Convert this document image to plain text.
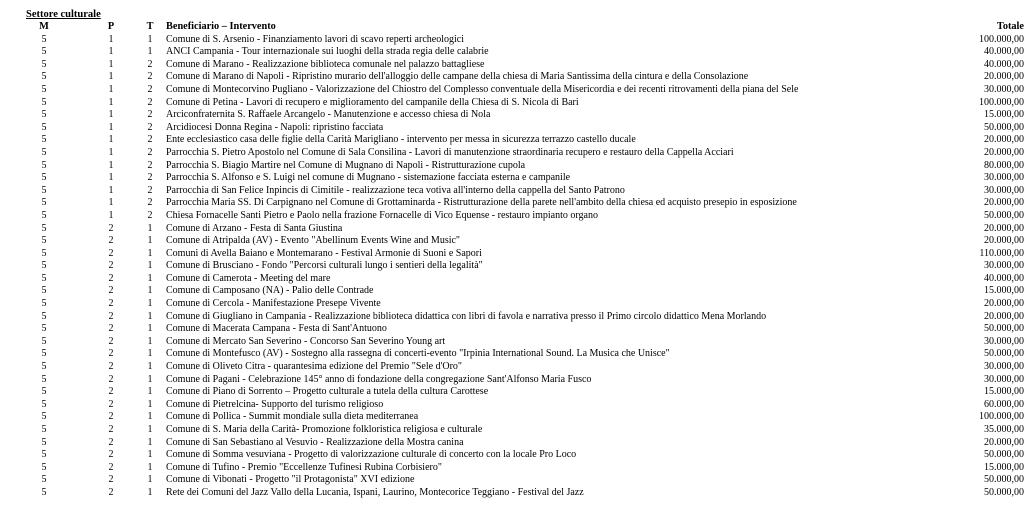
Settore culturale
M	P	T	Beneficiario – Intervento	Totale
5	1	1	Comune di S. Arsenio - Finanziamento lavori di scavo reperti archeologici	100.000,00
5	1	1	ANCI Campania - Tour internazionale sui luoghi della strada regia delle calabrie	40.000,00
5	1	2	Comune di Marano - Realizzazione biblioteca comunale nel palazzo battagliese	40.000,00
5	1	2	Comune di Marano di Napoli - Ripristino murario dell'alloggio delle campane della chiesa di Maria Santissima della cintura e della Consolazione	20.000,00
5	1	2	Comune di Montecorvino Pugliano - Valorizzazione del Chiostro del Complesso conventuale della Misericordia e dei recenti ritrovamenti della piana del Sele	30.000,00
5	1	2	Comune di Petina - Lavori di recupero e miglioramento del campanile della Chiesa di S. Nicola di Bari	100.000,00
5	1	2	Arciconfraternita S. Raffaele Arcangelo - Manutenzione e accesso chiesa di Nola	15.000,00
5	1	2	Arcidiocesi Donna Regina - Napoli: ripristino facciata	50.000,00
5	1	2	Ente ecclesiastico casa delle figlie della Carità Marigliano - intervento per messa in sicurezza terrazzo castello ducale	20.000,00
5	1	2	Parrocchia S. Pietro Apostolo nel Comune di Sala Consilina - Lavori di manutenzione straordinaria recupero e restauro della Cappella Acciari	20.000,00
5	1	2	Parrocchia S. Biagio Martire nel Comune di Mugnano di Napoli - Ristrutturazione cupola	80.000,00
5	1	2	Parrocchia S. Alfonso e S. Luigi nel comune di Mugnano - sistemazione facciata esterna e campanile	30.000,00
5	1	2	Parrocchia di San Felice Inpincis di Cimitile - realizzazione teca votiva all'interno della cappella del Santo Patrono	30.000,00
5	1	2	Parrocchia Maria SS. Di Carpignano nel Comune di Grottaminarda - Ristrutturazione della parete nell'ambito della chiesa ed acquisto presepio in esposizione	20.000,00
5	1	2	Chiesa Fornacelle Santi Pietro e Paolo nella frazione Fornacelle di Vico Equense - restauro impianto organo	50.000,00
5	2	1	Comune di Arzano - Festa di Santa Giustina	20.000,00
5	2	1	Comune di Atripalda (AV) - Evento "Abellinum Events Wine and Music"	20.000,00
5	2	1	Comuni di Avella Baiano e Montemarano - Festival Armonie di Suoni e Sapori	110.000,00
5	2	1	Comune di Brusciano - Fondo "Percorsi culturali lungo i sentieri della legalità"	30.000,00
5	2	1	Comune di Camerota - Meeting del mare	40.000,00
5	2	1	Comune di Camposano (NA) - Palio delle Contrade	15.000,00
5	2	1	Comune di Cercola - Manifestazione Presepe Vivente	20.000,00
5	2	1	Comune di Giugliano in Campania - Realizzazione biblioteca didattica con libri di favola e narrativa presso il Primo circolo didattico Mena Morlando	20.000,00
5	2	1	Comune di Macerata Campana - Festa di Sant'Antuono	50.000,00
5	2	1	Comune di Mercato San Severino - Concorso San Severino Young art	30.000,00
5	2	1	Comune di Montefusco (AV) - Sostegno alla rassegna di concerti-evento "Irpinia International Sound. La Musica che Unisce"	50.000,00
5	2	1	Comune di Oliveto Citra - quarantesima edizione del Premio "Sele d'Oro"	30.000,00
5	2	1	Comune di Pagani - Celebrazione 145° anno di fondazione della congregazione Sant'Alfonso Maria Fusco	30.000,00
5	2	1	Comune di Piano di Sorrento – Progetto culturale a tutela della cultura Carottese	15.000,00
5	2	1	Comune di Pietrelcina- Supporto del turismo religioso	60.000,00
5	2	1	Comune di Pollica - Summit mondiale sulla dieta mediterranea	100.000,00
5	2	1	Comune di S. Maria della Carità- Promozione folkloristica religiosa e culturale	35.000,00
5	2	1	Comune di San Sebastiano al Vesuvio - Realizzazione della Mostra canina	20.000,00
5	2	1	Comune di Somma vesuviana - Progetto di valorizzazione culturale di concerto con la locale Pro Loco	50.000,00
5	2	1	Comune di Tufino - Premio "Eccellenze Tufinesi Rubina Corbisiero"	15.000,00
5	2	1	Comune di Vibonati - Progetto "il Protagonista" XVI edizione	50.000,00
5	2	1	Rete dei Comuni del Jazz Vallo della Lucania, Ispani, Laurino, Montecorice Teggiano - Festival del Jazz	50.000,00
